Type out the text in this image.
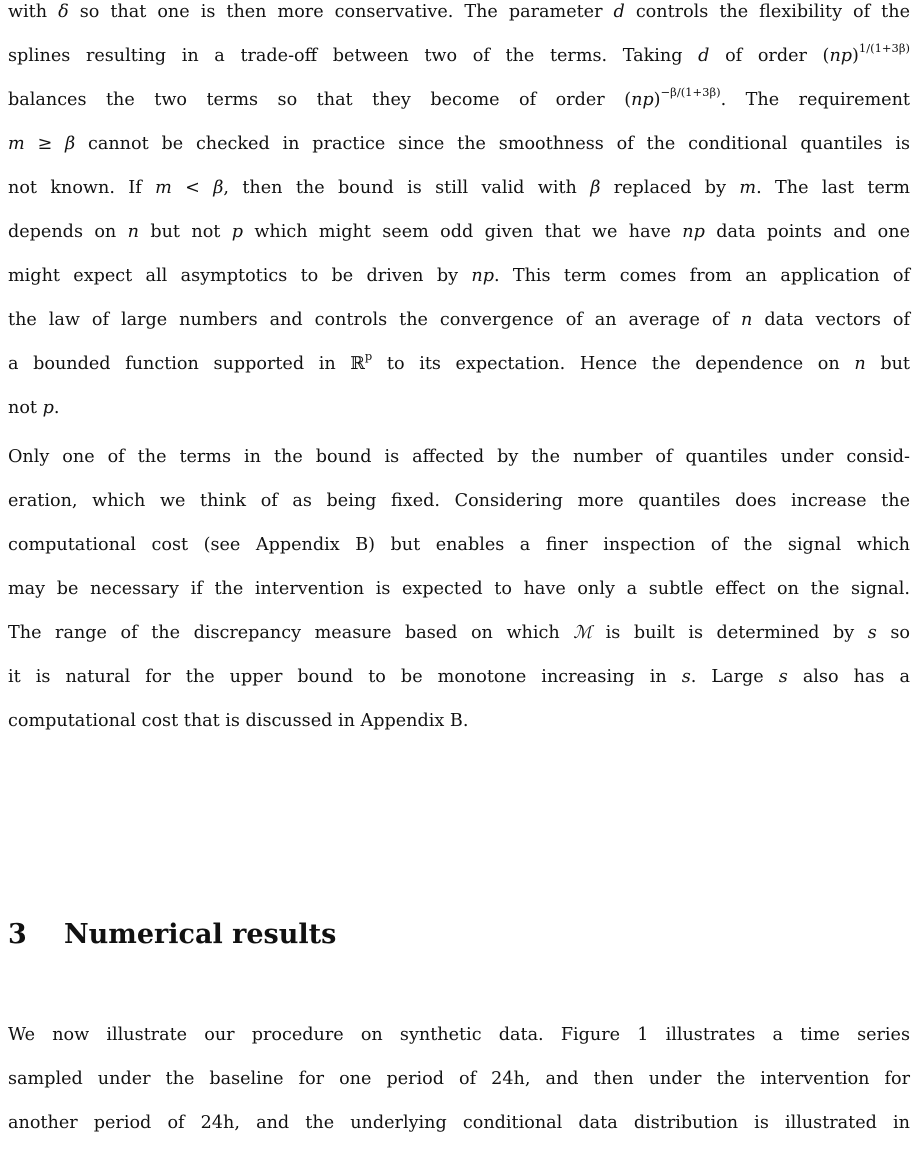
with δ so that one is then more conservative. The parameter d controls the flexibility of the
splines resulting in a trade-off between two of the terms. Taking d of order (np)$^{1/(1+3\beta)}$
balances the two terms so that they become of order (np)$^{-\beta/(1+3\beta)}$. The requirement
m ≥ β cannot be checked in practice since the smoothness of the conditional quantiles is
not known. If m < β, then the bound is still valid with β replaced by m. The last term
depends on n but not p which might seem odd given that we have np data points and one
might expect all asymptotics to be driven by np. This term comes from an application of
the law of large numbers and controls the convergence of an average of n data vectors of
a bounded function supported in ℝ$^p$ to its expectation. Hence the dependence on n but
not p.
Only one of the terms in the bound is affected by the number of quantiles under consid-
eration, which we think of as being fixed. Considering more quantiles does increase the
computational cost (see Appendix B) but enables a finer inspection of the signal which
may be necessary if the intervention is expected to have only a subtle effect on the signal.
The range of the discrepancy measure based on which ℳ is built is determined by s so
it is natural for the upper bound to be monotone increasing in s. Large s also has a
computational cost that is discussed in Appendix B.
3 Numerical results
We now illustrate our procedure on synthetic data. Figure 1 illustrates a time series
sampled under the baseline for one period of 24h, and then under the intervention for
another period of 24h, and the underlying conditional data distribution is illustrated in
